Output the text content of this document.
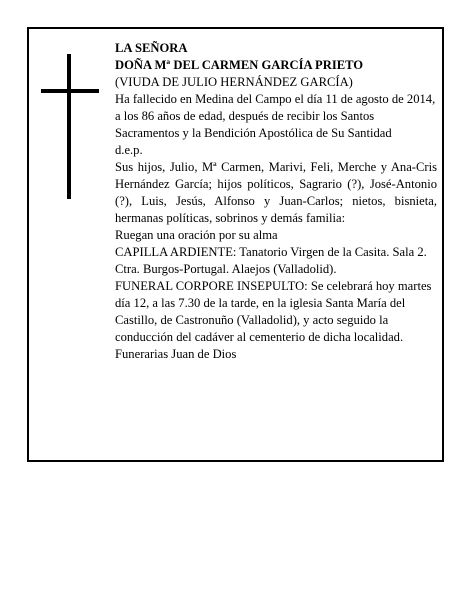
LA SEÑORA

DOÑA Mª DEL CARMEN GARCÍA PRIETO

(VIUDA DE JULIO HERNÁNDEZ GARCÍA)

Ha fallecido en Medina del Campo el día 11 de agosto de 2014, a los 86 años de edad, después de recibir los Santos Sacramentos y la Bendición Apostólica de Su Santidad

d.e.p.

Sus hijos, Julio, Mª Carmen, Marivi, Feli, Merche y Ana-Cris Hernández García; hijos políticos, Sagrario (?), José-Antonio (?), Luis, Jesús, Alfonso y Juan-Carlos; nietos, bisnieta, hermanas políticas, sobrinos y demás familia:

Ruegan una oración por su alma

CAPILLA ARDIENTE: Tanatorio Virgen de la Casita. Sala 2. Ctra. Burgos-Portugal. Alaejos (Valladolid).

FUNERAL CORPORE INSEPULTO: Se celebrará hoy martes día 12, a las 7.30 de la tarde, en la iglesia Santa María del Castillo, de Castronuño (Valladolid), y acto seguido la conducción del cadáver al cementerio de dicha localidad.

Funerarias Juan de Dios
